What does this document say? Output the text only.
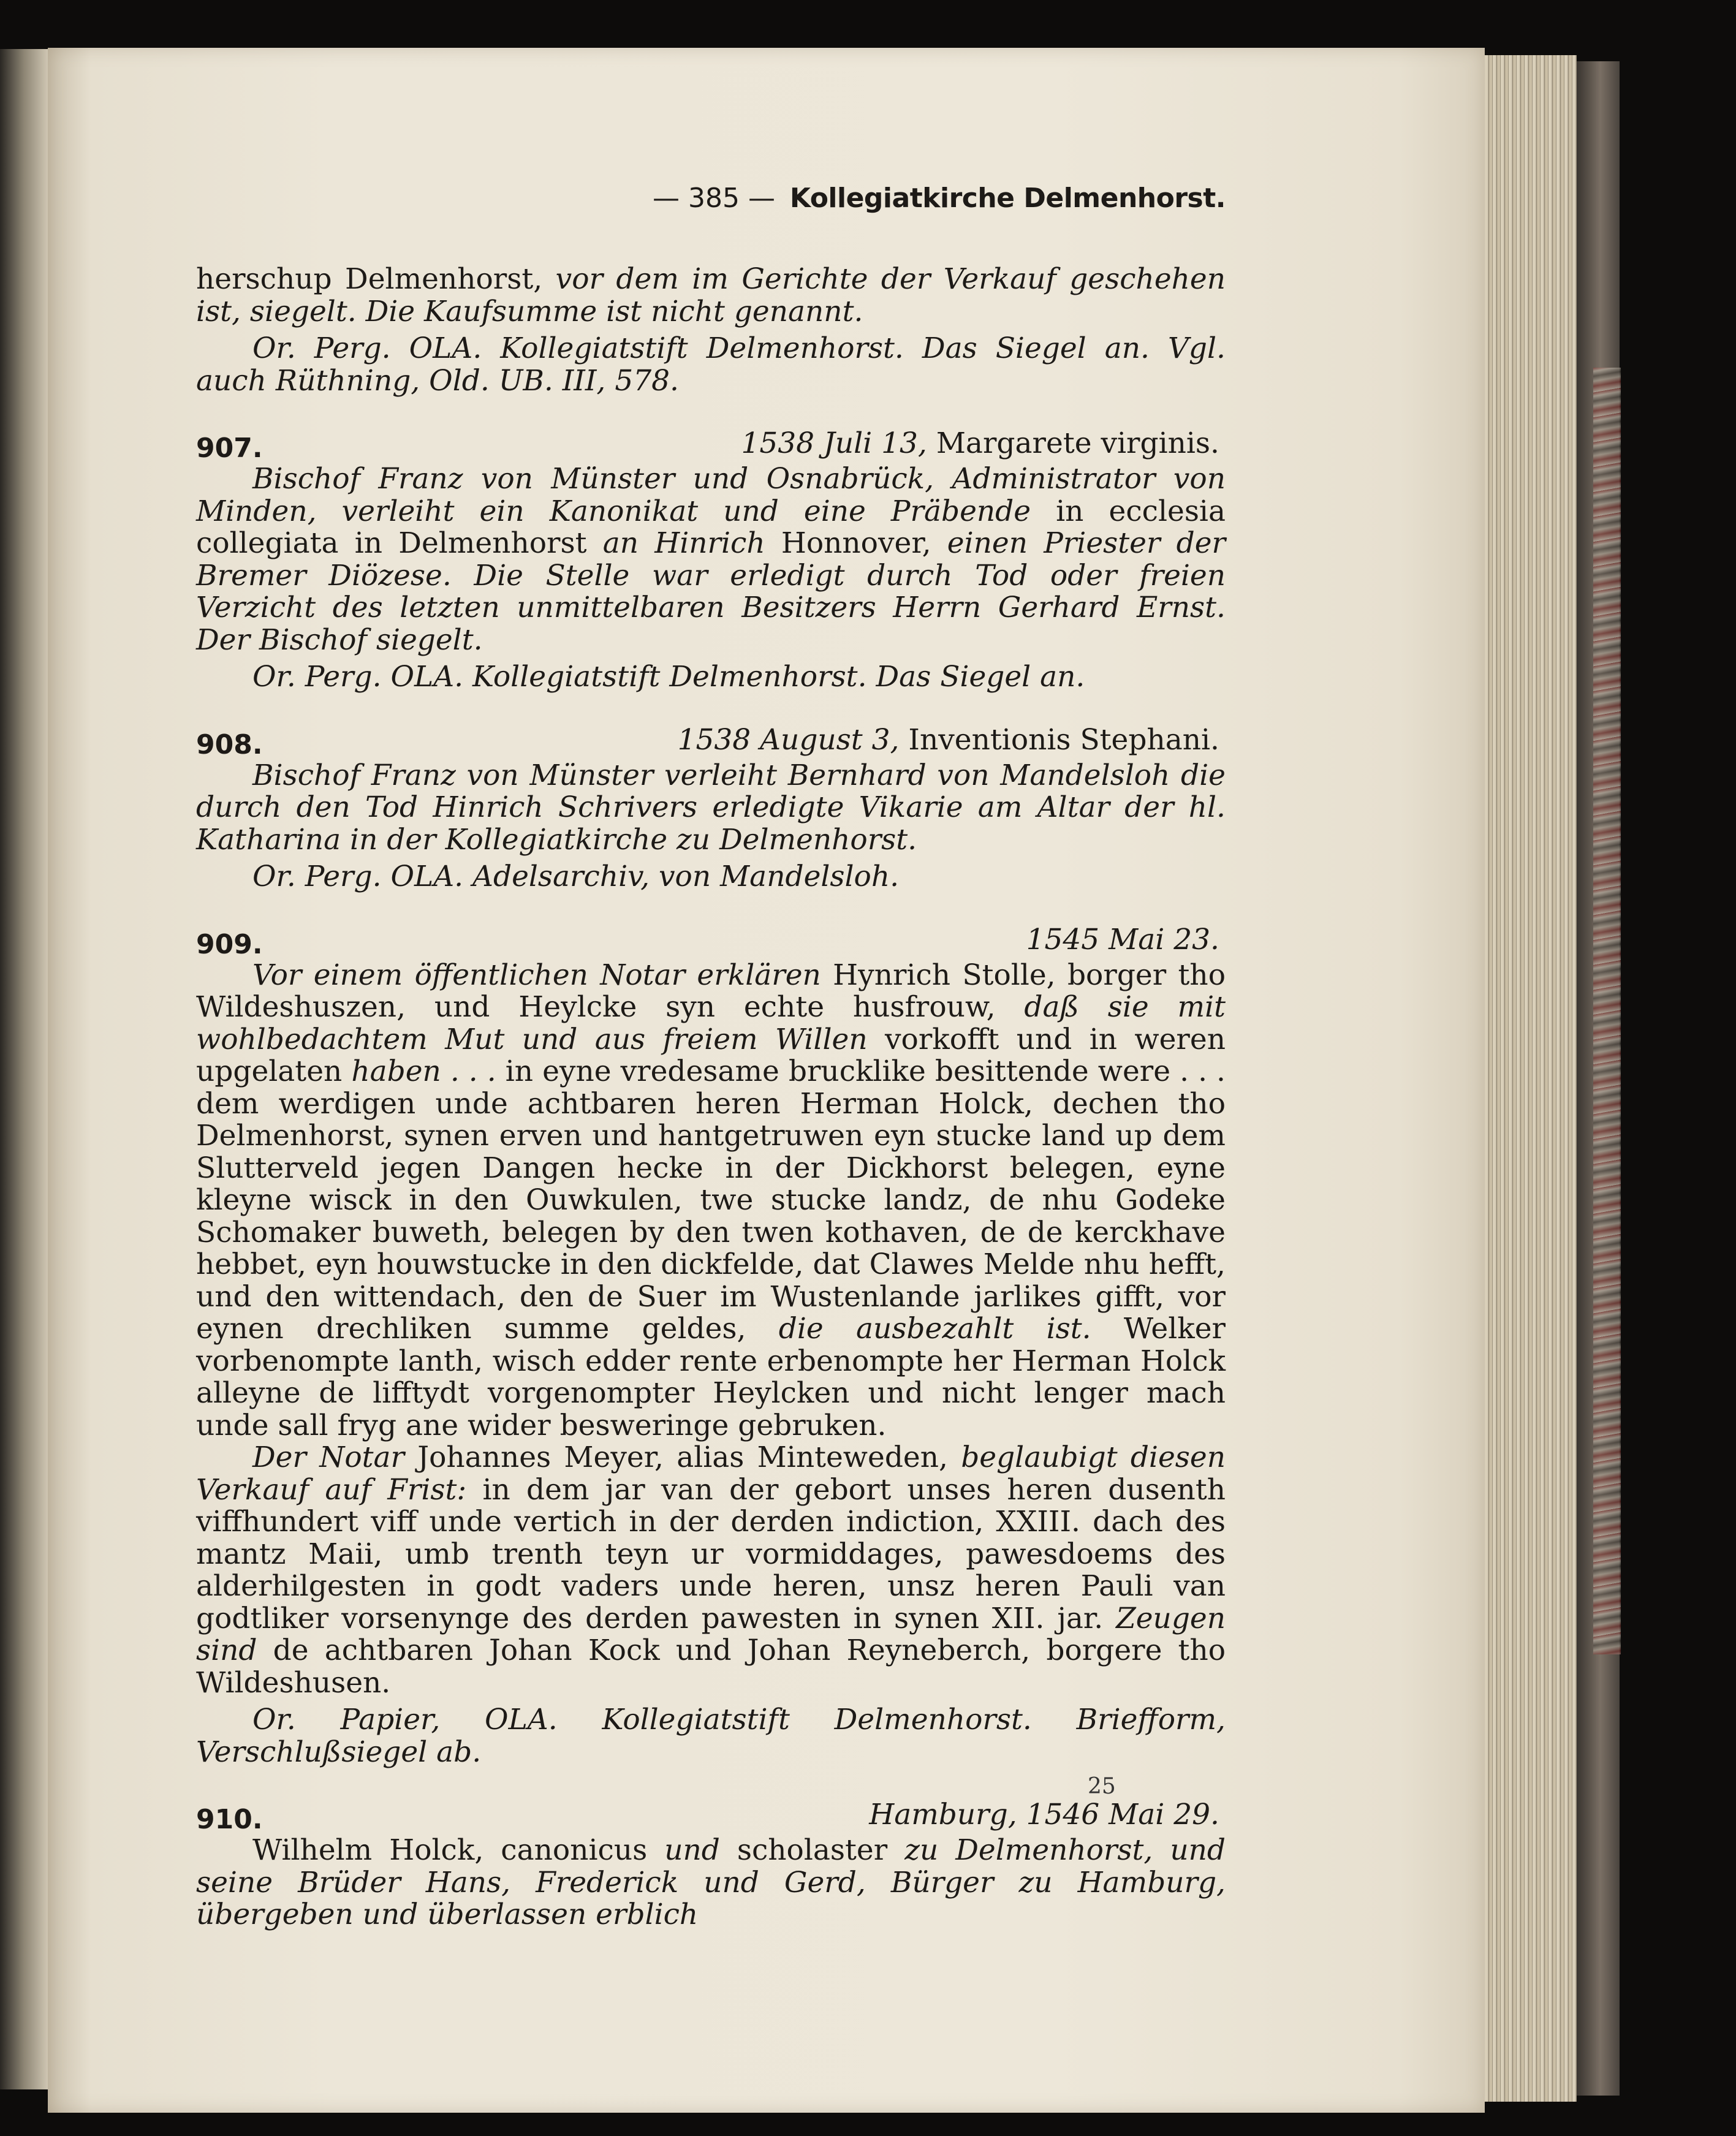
— 385 — Kollegiatkirche Delmenhorst.

herschup Delmenhorst, vor dem im Gerichte der Verkauf geschehen ist, siegelt. Die Kaufsumme ist nicht genannt.

Or. Perg. OLA. Kollegiatstift Delmenhorst. Das Siegel an. Vgl. auch Rüthning, Old. UB. III, 578.

907.	1538 Juli 13, Margarete virginis.

Bischof Franz von Münster und Osnabrück, Administrator von Minden, verleiht ein Kanonikat und eine Präbende in ecclesia collegiata in Delmenhorst an Hinrich Honnover, einen Priester der Bremer Diözese. Die Stelle war erledigt durch Tod oder freien Verzicht des letzten unmittelbaren Besitzers Herrn Gerhard Ernst. Der Bischof siegelt.

Or. Perg. OLA. Kollegiatstift Delmenhorst. Das Siegel an.

908.	1538 August 3, Inventionis Stephani.

Bischof Franz von Münster verleiht Bernhard von Mandelsloh die durch den Tod Hinrich Schrivers erledigte Vikarie am Altar der hl. Katharina in der Kollegiatkirche zu Delmenhorst.

Or. Perg. OLA. Adelsarchiv, von Mandelsloh.

909.	1545 Mai 23.

Vor einem öffentlichen Notar erklären Hynrich Stolle, borger tho Wildeshuszen, und Heylcke syn echte husfrouw, daß sie mit wohlbedachtem Mut und aus freiem Willen vorkofft und in weren upgelaten haben . . . in eyne vredesame brucklike besittende were . . . dem werdigen unde achtbaren heren Herman Holck, dechen tho Delmenhorst, synen erven und hantgetruwen eyn stucke land up dem Slutterveld jegen Dangen hecke in der Dickhorst belegen, eyne kleyne wisck in den Ouwkulen, twe stucke landz, de nhu Godeke Schomaker buweth, belegen by den twen kothaven, de de kerckhave hebbet, eyn houwstucke in den dickfelde, dat Clawes Melde nhu hefft, und den wittendach, den de Suer im Wustenlande jarlikes gifft, vor eynen drechliken summe geldes, die ausbezahlt ist. Welker vorbenompte lanth, wisch edder rente erbenompte her Herman Holck alleyne de lifftydt vorgenompter Heylcken und nicht lenger mach unde sall fryg ane wider besweringe gebruken.

Der Notar Johannes Meyer, alias Minteweden, beglaubigt diesen Verkauf auf Frist: in dem jar van der gebort unses heren dusenth viffhundert viff unde vertich in der derden indiction, XXIII. dach des mantz Maii, umb trenth teyn ur vormiddages, pawesdoems des alderhilgesten in godt vaders unde heren, unsz heren Pauli van godtliker vorsenynge des derden pawesten in synen XII. jar. Zeugen sind de achtbaren Johan Kock und Johan Reyneberch, borgere tho Wildeshusen.

Or. Papier, OLA. Kollegiatstift Delmenhorst. Briefform, Verschlußsiegel ab.

910.	Hamburg, 1546 Mai 29.

Wilhelm Holck, canonicus und scholaster zu Delmenhorst, und seine Brüder Hans, Frederick und Gerd, Bürger zu Hamburg, übergeben und überlassen erblich

25
